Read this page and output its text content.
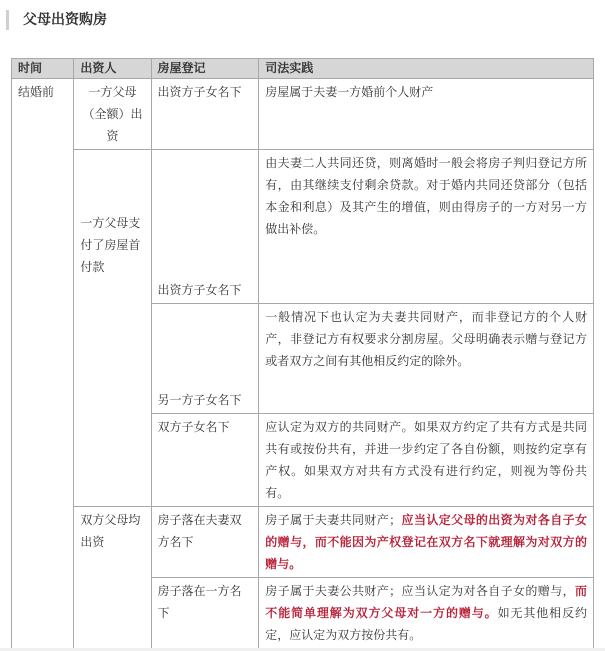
父母出资购房
时间	出资人	房屋登记	司法实践
结婚前	一方父母（全额）出资	出资方子女名下	房屋属于夫妻一方婚前个人财产
	一方父母支付了房屋首付款	出资方子女名下	由夫妻二人共同还贷，则离婚时一般会将房子判归登记方所有，由其继续支付剩余贷款。对于婚内共同还贷部分（包括本金和利息）及其产生的增值，则由得房子的一方对另一方做出补偿。
		另一方子女名下	一般情况下也认定为夫妻共同财产，而非登记方的个人财产，非登记方有权要求分割房屋。父母明确表示赠与登记方或者双方之间有其他相反约定的除外。
		双方子女名下	应认定为双方的共同财产。如果双方约定了共有方式是共同共有或按份共有，并进一步约定了各自份额，则按约定享有产权。如果双方对共有方式没有进行约定，则视为等份共有。
	双方父母均出资	房子落在夫妻双方名下	房子属于夫妻共同财产；应当认定父母的出资为对各自子女的赠与，而不能因为产权登记在双方名下就理解为对双方的赠与。
		房子落在一方名下	房子属于夫妻公共财产；应当认定为对各自子女的赠与，而不能简单理解为双方父母对一方的赠与。如无其他相反约定，应认定为双方按份共有。
